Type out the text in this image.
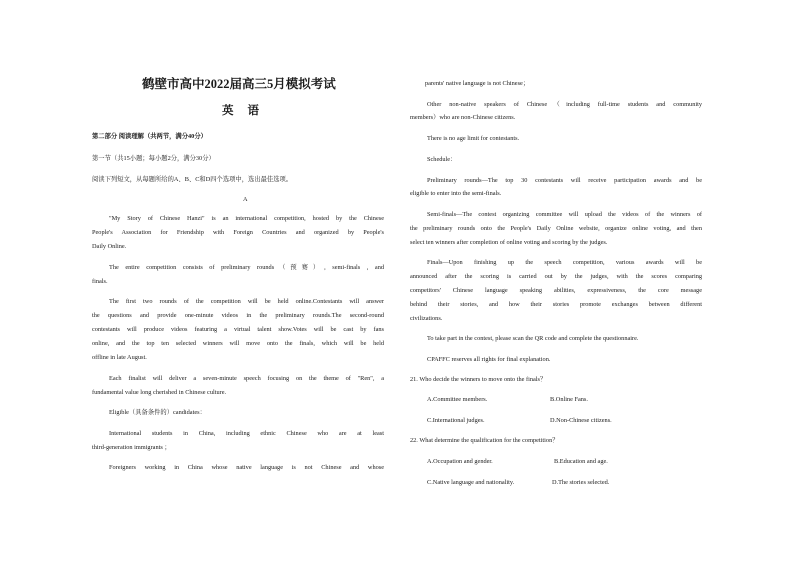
鹤壁市高中2022届高三5月模拟考试
英语
第二部分 阅读理解（共两节，满分40分）
第一节（共15小题；每小题2分，满分30分）
阅读下列短文，从每题所给的A、B、C和D四个选项中，选出最佳选项。
A
"My Story of Chinese Hanzi" is an international competition, hosted by the Chinese
People's Association for Friendship with Foreign Countries and organized by People's
Daily Online.
The entire competition consists of preliminary rounds（预赛）, semi-finals , and
finals.
The first two rounds of the competition will be held online.Contestants will answer
the questions and provide one-minute videos in the preliminary rounds.The second-round
contestants will produce videos featuring a virtual talent show.Votes will be cast by fans
online, and the top ten selected winners will move onto the finals, which will be held
offline in late August.
Each finalist will deliver a seven-minute speech focusing on the theme of "Ren", a
fundamental value long cherished in Chinese culture.
Eligible（具备条件的）candidates：
International students in China, including ethnic Chinese who are at least
third-generation immigrants ；
Foreigners working in China whose native language is not Chinese and whose
parents' native language is not Chinese；
Other non-native speakers of Chinese（including full-time students and community
members）who are non-Chinese citizens.
There is no age limit for contestants.
Schedule：
Preliminary rounds—The top 30 contestants will receive participation awards and be
eligible to enter into the semi-finals.
Semi-finals—The contest organizing committee will upload the videos of the winners of
the preliminary rounds onto the People's Daily Online website, organize online voting, and then
select ten winners after completion of online voting and scoring by the judges.
Finals—Upon finishing up the speech competition, various awards will be
announced after the scoring is carried out by the judges, with the scores comparing
competitors' Chinese language speaking abilities, expressiveness, the core message
behind their stories, and how their stories promote exchanges between different
civilizations.
To take part in the contest, please scan the QR code and complete the questionnaire.
CPAFFC reserves all rights for final explanation.
21. Who decide the winners to move onto the finals？
A.Committee members.	B.Online Fans.
C.International judges.	D.Non-Chinese citizens.
22. What determine the qualification for the competition？
A.Occupation and gender.	B.Education and age.
C.Native language and nationality.	D.The stories selected.
